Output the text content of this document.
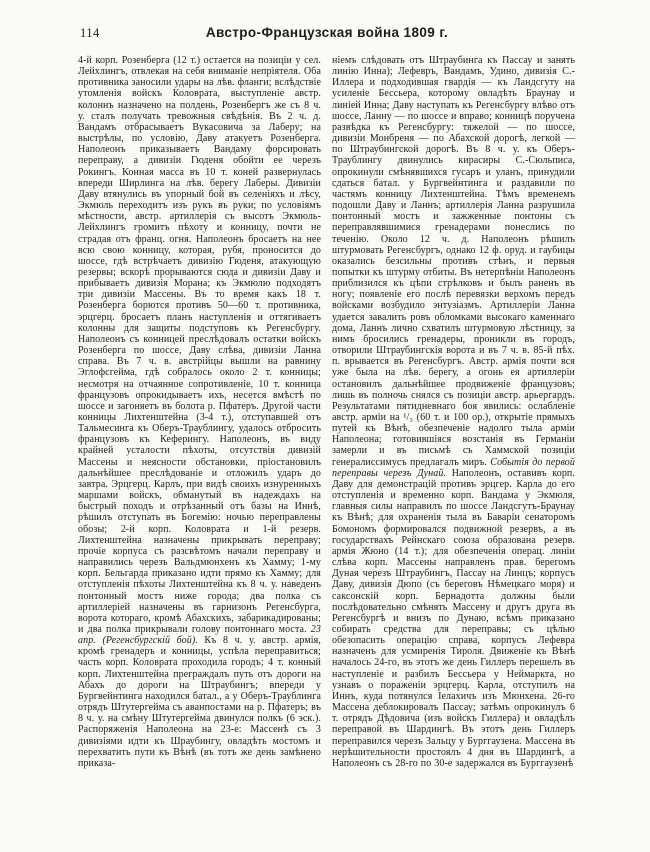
114	Австро-Французская война 1809 г.
4-й корп. Розенберга (12 т.) остается на позиціи у сел. Лейхлингъ, отвлекая на себя вниманіе непріятеля. Оба противника заносили удары на лѣв. фланги; вслѣдствіе утомленія войскъ Коловрата, выступленіе австр. колоннъ назначено на полдень, Розенбергъ же съ 8 ч. у. сталъ получать тревожныя свѣдѣнія. Въ 2 ч. д. Вандамъ отбрасываетъ Вукасовича за Лаберу; на выстрѣлы, по условію, Даву атакуетъ Розенберга. Наполеонъ приказываетъ Вандаму форсировать переправу, а дивизіи Гюденя обойти ее черезъ Рокингъ. Конная масса въ 10 т. коней развернулась впереди Ширлинга на лѣв. берегу Лаберы. Дивизіи Даву втянулись въ упорный бой въ селеніяхъ и лѣсу, Экмюль переходитъ изъ рукъ въ руки; по условіямъ мѣстности, австр. артиллерія съ высотъ Экмюль-Лейхлингъ громитъ пѣхоту и конницу, почти не страдая отъ франц. огня. Наполеонъ бросаетъ на нее всю свою конницу, которая, рубя, проносится до шоссе, гдѣ встрѣчаетъ дивизію Гюденя, атакующую резервы; вскорѣ прорываются сюда и дивизіи Даву и прибываетъ дивизія Морана; къ Экмюлю подходятъ три дивизіи Массены. Въ то время какъ 18 т. Розенберга борются противъ 50—60 т. противника, эрцгерц. бросаетъ планъ наступленія и оттягиваетъ колонны для защиты подступовъ къ Регенсбургу. Наполеонъ съ конницей преслѣдовалъ остатки войскъ Розенберга по шоссе, Даву слѣва, дивизіи Ланна справа. Въ 7 ч. в. австрійцы вышли на равнину Эглофсгейма, гдѣ собралось около 2 т. конницы; несмотря на отчаянное сопротивленіе, 10 т. конница французовъ опрокидываетъ ихъ, несется вмѣстѣ по шоссе и загоняетъ въ болота р. Пфатеръ. Другой части конницы Лихтенштейна (3-4 т.), отступавшей отъ Тальмесинга къ Оберъ-Траублингу, удалось отбросить французовъ къ Кеферингу. Наполеонъ, въ виду крайней усталости пѣхоты, отсутствія дивизій Массены и неясности обстановки, пріостановилъ дальнѣйшее преслѣдованіе и отложилъ ударъ до завтра. Эрцгерц. Карлъ, при видѣ своихъ изнуренныхъ маршами войскъ, обманутый въ надеждахъ на быстрый походъ и отрѣзанный отъ базы на Иннѣ, рѣшилъ отступать въ Богемію: ночью переправлены обозы; 2-й корп. Коловрата и 1-й резерв. Лихтенштейна назначены прикрывать переправу; прочіе корпуса съ разсвѣтомъ начали переправу и направились черезъ Вальдмюнхенъ къ Хамму; 1-му корп. Бельгарда приказано идти прямо къ Хамму; для отступленія пѣхоты Лихтенштейна къ 8 ч. у. наведенъ понтонный мостъ ниже города; два полка съ артиллеріей назначены въ гарнизонъ Регенсбурга, ворота котораго, кромѣ Абахскихъ, забарикадированы; и два полка прикрывали голову понтоннаго моста. 23 апр. (Регенсбургскій бой). Къ 8 ч. у. австр. армія, кромѣ гренадеръ и конницы, успѣла переправиться; часть корп. Коловрата проходила городъ; 4 т. конный корп. Лихтенштейна преграждалъ путь отъ дороги на Абахъ до дороги на Штраубингъ; впереди у Бургвейнтинга находился батал., а у Оберъ-Траублинга отрядъ Штутергейма съ аванпостами на р. Пфатеръ; въ 8 ч. у. на смѣну Штутергейма двинулся полкъ (6 эск.). Распоряженія Наполеона на 23-е: Массенѣ съ 3 дивизіями идти къ Шраубингу, овладѣть мостомъ и перехватить пути къ Вѣнѣ (въ тотъ же день замѣнено приказа-
ніемъ слѣдовать отъ Штраубинга къ Пассау и занять линію Инна); Лефевръ, Вандамъ, Удино, дивизія С.-Иллера и подходившая гвардія — къ Ландсгуту на усиленіе Бессьера, которому овладѣть Браунау и линіей Инна; Даву наступать къ Регенсбургу влѣво отъ шоссе, Ланну — по шоссе и вправо; конницѣ поручена развѣдка къ Регенсбургу: тяжелой — по шоссе, дивизіи Монбреня — по Абахской дорогѣ, легкой — по Штраубингской дорогѣ. Въ 8 ч. у. къ Оберъ-Траублингу двинулись кирасиры С.-Сюльписа, опрокинули смѣнявшихся гусаръ и уланъ, принудили сдаться батал. у Бургвейнтинга и раздавили по частямъ конницу Лихтенштейна. Тѣмъ временемъ подошли Даву и Ланнъ; артиллерія Ланна разрушила понтонный мостъ и зажженные понтоны съ переправлявшимися гренадерами понеслись по теченію. Около 12 ч. д. Наполеонъ рѣшилъ штурмовать Регенсбургъ, однако 12 ф. оруд. и гаубицы оказались безсильны противъ стѣнъ, и первыя попытки къ штурму отбиты. Въ нетерпѣніи Наполеонъ приблизился къ цѣпи стрѣлковъ и былъ раненъ въ ногу; появленіе его послѣ перевязки верхомъ передъ войсками возбудило энтузіазмъ. Артиллеріи Ланна удается завалить ровъ обломками высокаго каменнаго дома, Ланнъ лично схватилъ штурмовую лѣстницу, за нимъ бросились гренадеры, проникли въ городъ, отворили Штраубингскія ворота и въ 7 ч. в. 85-й пѣх. п. врывается въ Регенсбургъ. Австр. армія почти вся уже была на лѣв. берегу, а огонь ея артиллеріи остановилъ дальнѣйшее продвиженіе французовъ; лишь въ полночь снялся съ позиціи австр. арьергардъ. Результатами пятидневнаго боя явились: ослабленіе австр. арміи на ¹/₃ (60 т. и 100 ор.), открытіе прямыхъ путей къ Вѣнѣ, обезпеченіе надолго тыла арміи Наполеона; готовившіяся возстанія въ Германіи замерли и въ письмѣ съ Хаммской позиціи генералиссимусъ предлагалъ миръ. Событія до первой переправы черезъ Дунай. Наполеонъ, оставивъ корп. Даву для демонстрацій противъ эрцгер. Карла до его отступленія и временно корп. Вандама у Экмюля, главныя силы направилъ по шоссе Ландсгутъ-Браунау къ Вѣнѣ; для охраненія тыла въ Баваріи сенаторомъ Бомономъ формировался подвижной резервъ, а въ государствахъ Рейнскаго союза образована резерв. армія Жюно (14 т.); для обезпеченія операц. линіи слѣва корп. Массены направленъ прав. берегомъ Дуная черезъ Штраубингъ, Пассау на Линцъ; корпусъ Даву, дивизія Дюпо (съ береговъ Нѣмецкаго моря) и саксонскій корп. Бернадотта должны были послѣдовательно смѣнять Массену и другъ друга въ Регенсбургѣ и внизъ по Дунаю, всѣмъ приказано собирать средства для переправы; съ цѣлью обезопасить операцію справа, корпусъ Лефевра назначенъ для усмиренія Тироля. Движеніе къ Вѣнѣ началось 24-го, въ этотъ же день Гиллеръ перешелъ въ наступленіе и разбилъ Бессьера у Неймаркта, но узнавъ о пораженіи эрцгерц. Карла, отступилъ на Иннъ, куда потянулся Іелахичъ изъ Мюнхена. 26-го Массена деблокировалъ Пассау; затѣмъ опрокинулъ 6 т. отрядъ Дѣдовича (изъ войскъ Гиллера) и овладѣлъ переправой въ Шардингѣ. Въ этотъ день Гиллеръ переправился черезъ Зальцу у Бурггаузена. Массена въ нерѣшительности простоялъ 4 дня въ Шардингѣ, а Наполеонъ съ 28-го по 30-е задержался въ Бурггаузенѣ
